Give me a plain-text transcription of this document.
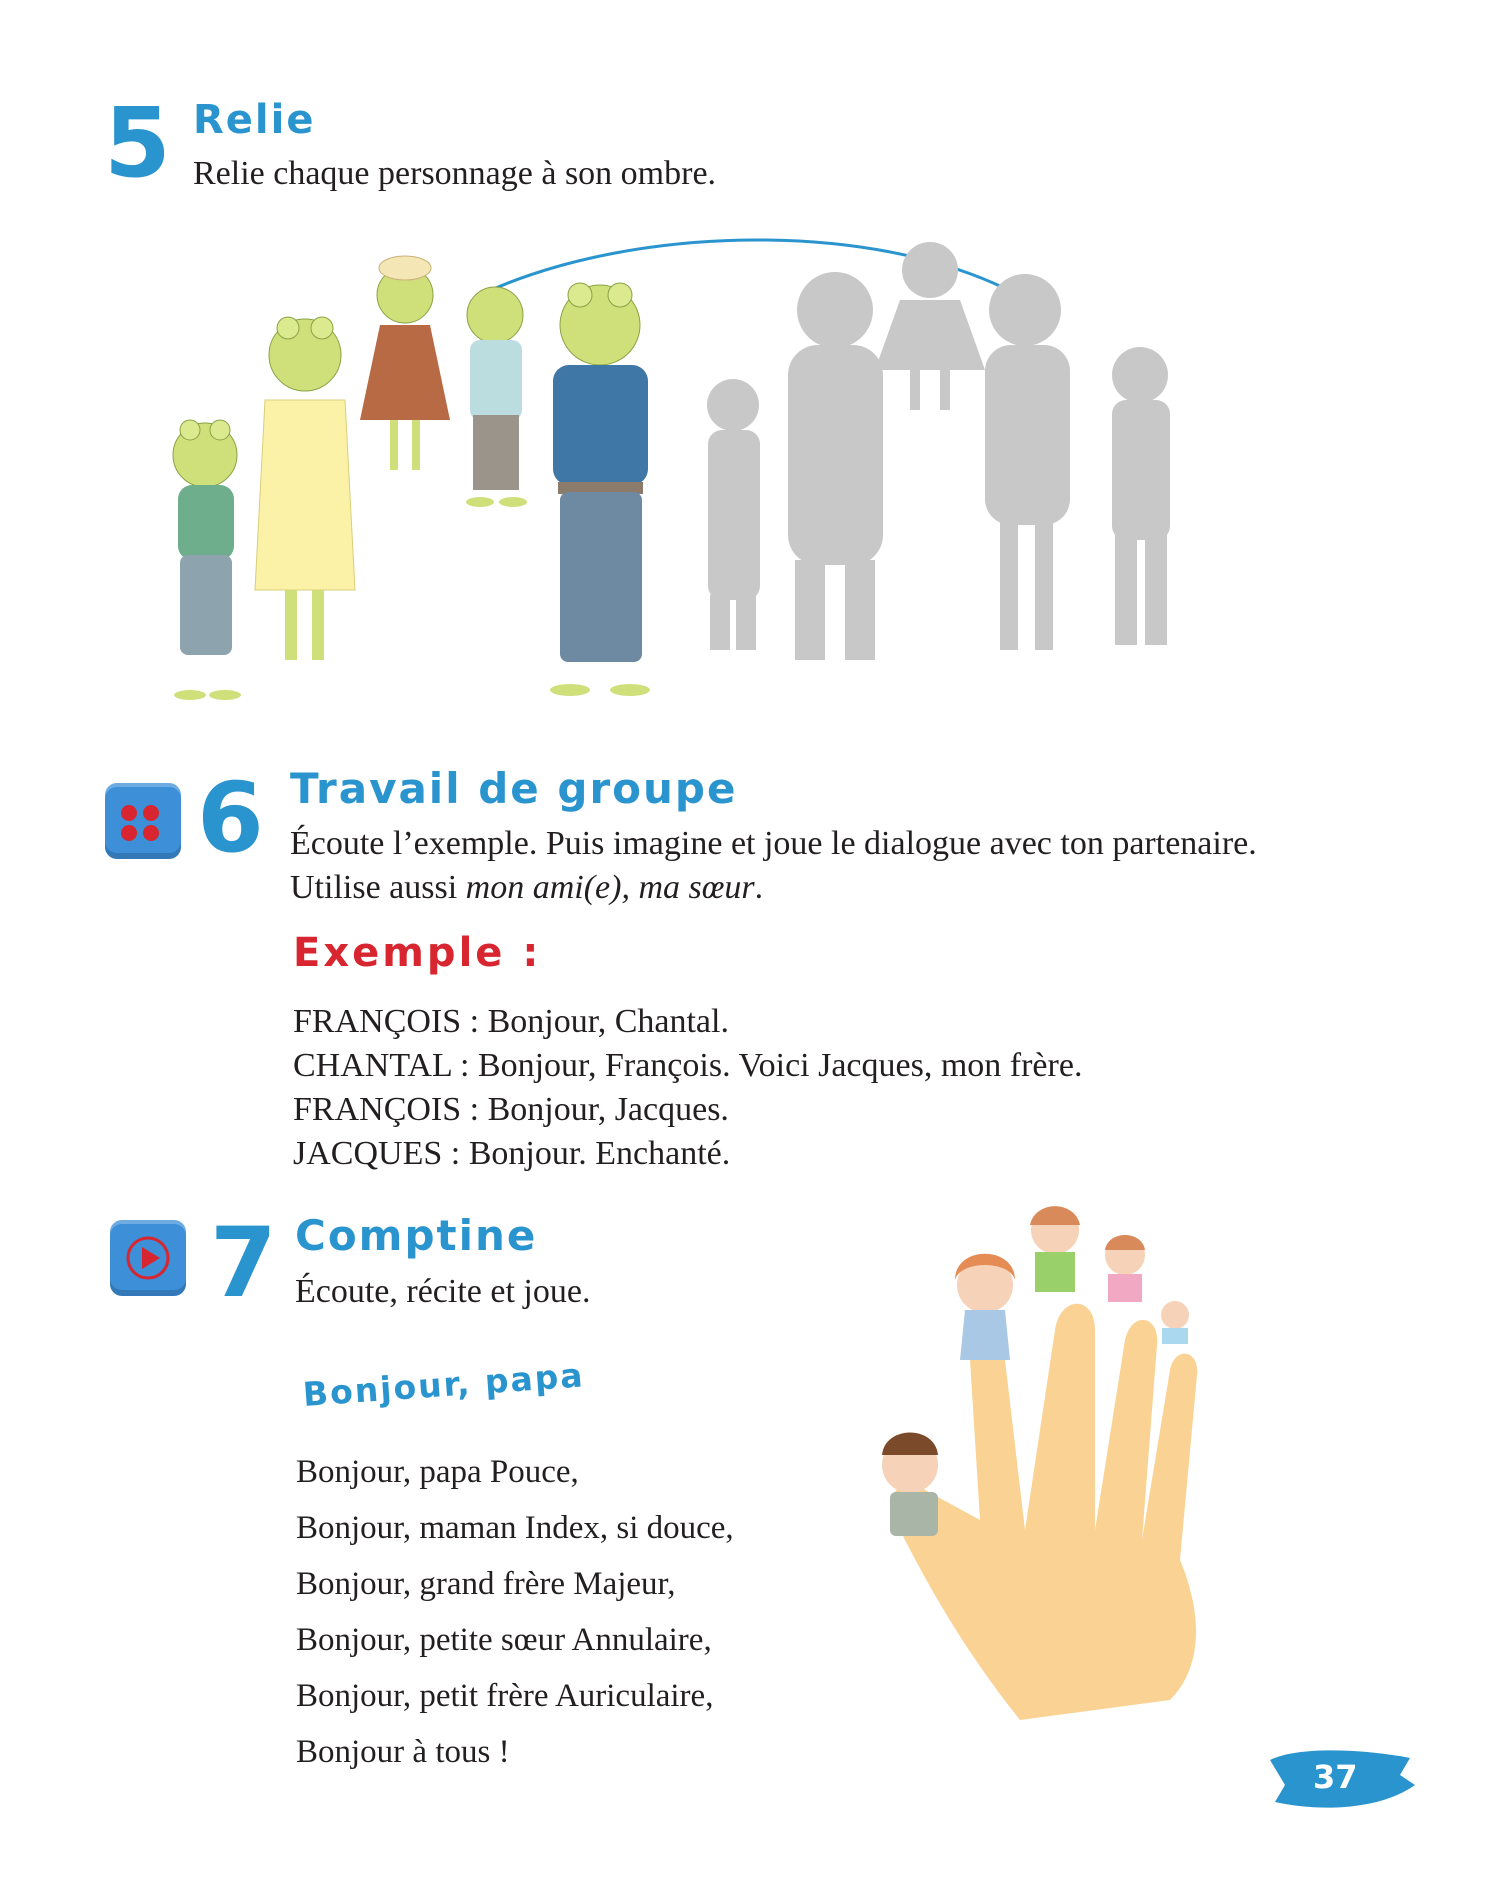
5 Relie
Relie chaque personnage à son ombre.
6 Travail de groupe
Écoute l’exemple. Puis imagine et joue le dialogue avec ton partenaire.
Utilise aussi mon ami(e), ma sœur.
Exemple :

FRANÇOIS : Bonjour, Chantal.

CHANTAL : Bonjour, François. Voici Jacques, mon frère.

FRANÇOIS : Bonjour, Jacques.

JACQUES : Bonjour. Enchanté.

7 Comptine
Écoute, récite et joue.
Bonjour, papa

Bonjour, papa Pouce,

Bonjour, maman Index, si douce,

Bonjour, grand frère Majeur,

Bonjour, petite sœur Annulaire,

Bonjour, petit frère Auriculaire,

Bonjour à tous !

37
